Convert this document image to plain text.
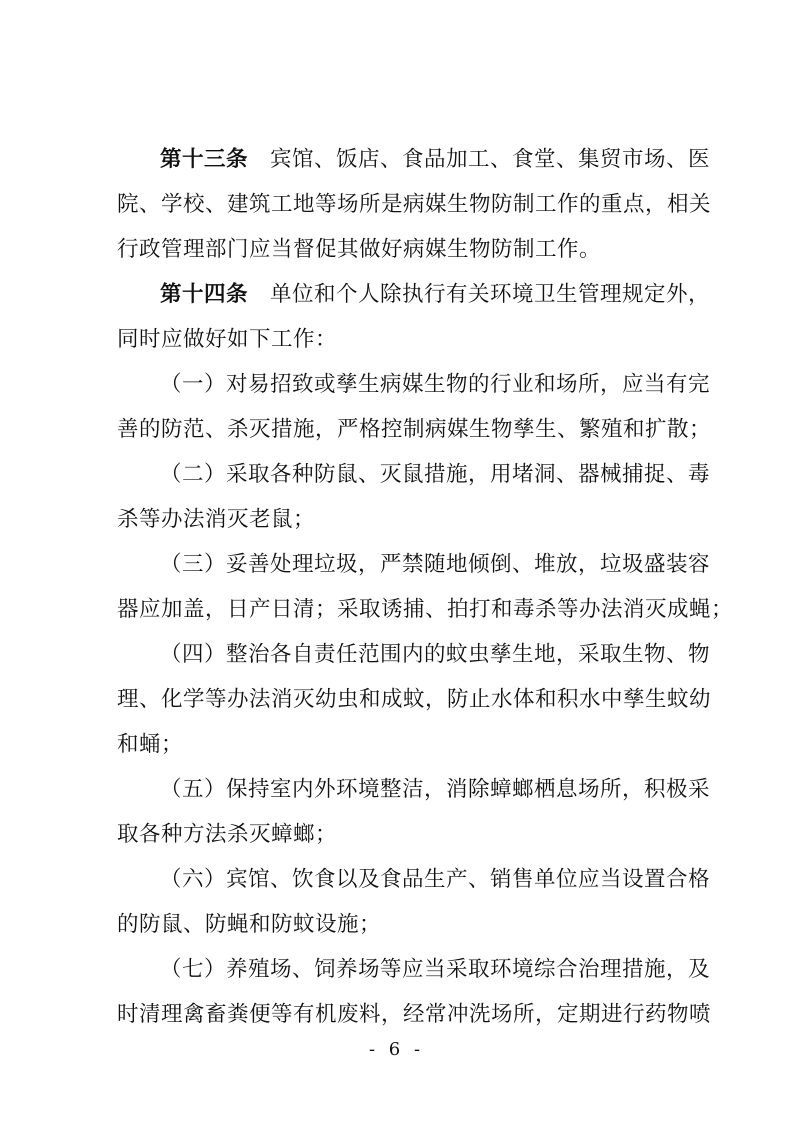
第十三条 宾馆、饭店、食品加工、食堂、集贸市场、医
院、学校、建筑工地等场所是病媒生物防制工作的重点，相关
行政管理部门应当督促其做好病媒生物防制工作。
第十四条 单位和个人除执行有关环境卫生管理规定外，
同时应做好如下工作：
（一）对易招致或孳生病媒生物的行业和场所，应当有完
善的防范、杀灭措施，严格控制病媒生物孳生、繁殖和扩散；
（二）采取各种防鼠、灭鼠措施，用堵洞、器械捕捉、毒
杀等办法消灭老鼠；
（三）妥善处理垃圾，严禁随地倾倒、堆放，垃圾盛装容
器应加盖，日产日清；采取诱捕、拍打和毒杀等办法消灭成蝇；
（四）整治各自责任范围内的蚊虫孳生地，采取生物、物
理、化学等办法消灭幼虫和成蚊，防止水体和积水中孳生蚊幼
和蛹；
（五）保持室内外环境整洁，消除蟑螂栖息场所，积极采
取各种方法杀灭蟑螂；
（六）宾馆、饮食以及食品生产、销售单位应当设置合格
的防鼠、防蝇和防蚊设施；
（七）养殖场、饲养场等应当采取环境综合治理措施，及
时清理禽畜粪便等有机废料，经常冲洗场所，定期进行药物喷
- 6 -
